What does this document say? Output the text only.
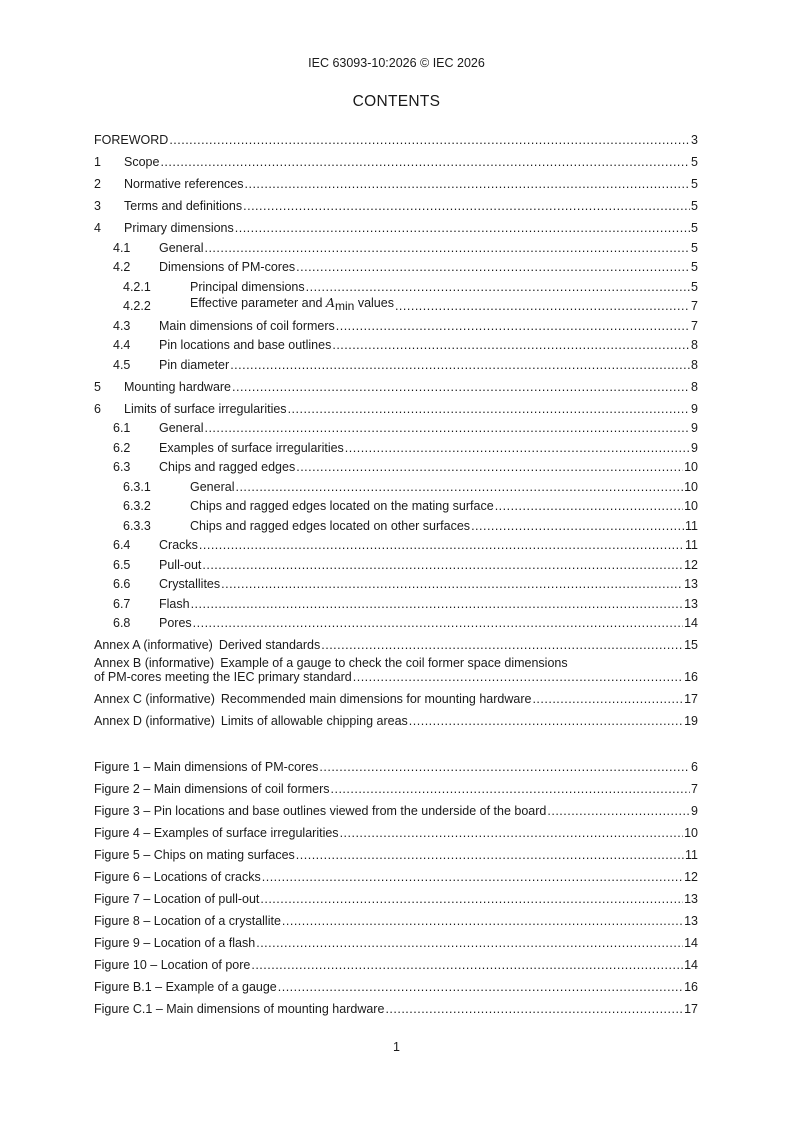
IEC 63093-10:2026 © IEC 2026
CONTENTS
FOREWORD .....	3
1	Scope .....	5
2	Normative references .....	5
3	Terms and definitions .....	5
4	Primary dimensions .....	5
4.1	General .....	5
4.2	Dimensions of PM-cores .....	5
4.2.1	Principal dimensions .....	5
4.2.2	Effective parameter and $A_{min}$ values .....	7
4.3	Main dimensions of coil formers .....	7
4.4	Pin locations and base outlines .....	8
4.5	Pin diameter .....	8
5	Mounting hardware .....	8
6	Limits of surface irregularities .....	9
6.1	General .....	9
6.2	Examples of surface irregularities .....	9
6.3	Chips and ragged edges .....	10
6.3.1	General .....	10
6.3.2	Chips and ragged edges located on the mating surface .....	10
6.3.3	Chips and ragged edges located on other surfaces .....	11
6.4	Cracks .....	11
6.5	Pull-out .....	12
6.6	Crystallites .....	13
6.7	Flash .....	13
6.8	Pores .....	14
Annex A (informative) Derived standards .....	15
Annex B (informative) Example of a gauge to check the coil former space dimensions
of PM-cores meeting the IEC primary standard .....	16
Annex C (informative) Recommended main dimensions for mounting hardware .....	17
Annex D (informative) Limits of allowable chipping areas .....	19
Figure 1 – Main dimensions of PM-cores .....	6
Figure 2 – Main dimensions of coil formers .....	7
Figure 3 – Pin locations and base outlines viewed from the underside of the board .....	9
Figure 4 – Examples of surface irregularities .....	10
Figure 5 – Chips on mating surfaces .....	11
Figure 6 – Locations of cracks .....	12
Figure 7 – Location of pull-out .....	13
Figure 8 – Location of a crystallite .....	13
Figure 9 – Location of a flash .....	14
Figure 10 – Location of pore .....	14
Figure B.1 – Example of a gauge .....	16
Figure C.1 – Main dimensions of mounting hardware .....	17
1
